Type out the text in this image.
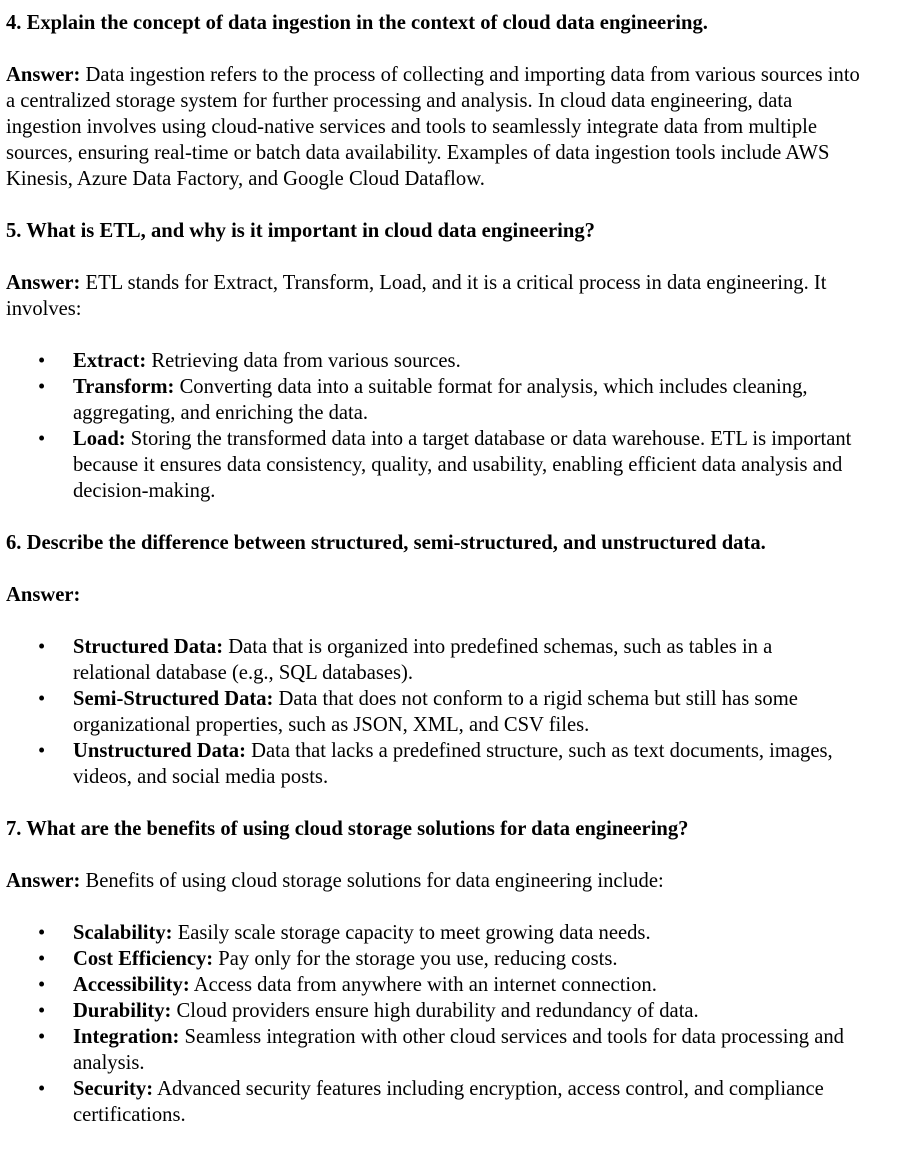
4. Explain the concept of data ingestion in the context of cloud data engineering.

Answer: Data ingestion refers to the process of collecting and importing data from various sources into a centralized storage system for further processing and analysis. In cloud data engineering, data ingestion involves using cloud-native services and tools to seamlessly integrate data from multiple sources, ensuring real-time or batch data availability. Examples of data ingestion tools include AWS Kinesis, Azure Data Factory, and Google Cloud Dataflow.

5. What is ETL, and why is it important in cloud data engineering?

Answer: ETL stands for Extract, Transform, Load, and it is a critical process in data engineering. It involves:

• Extract: Retrieving data from various sources.
• Transform: Converting data into a suitable format for analysis, which includes cleaning, aggregating, and enriching the data.
• Load: Storing the transformed data into a target database or data warehouse. ETL is important because it ensures data consistency, quality, and usability, enabling efficient data analysis and decision-making.

6. Describe the difference between structured, semi-structured, and unstructured data.

Answer:

• Structured Data: Data that is organized into predefined schemas, such as tables in a relational database (e.g., SQL databases).
• Semi-Structured Data: Data that does not conform to a rigid schema but still has some organizational properties, such as JSON, XML, and CSV files.
• Unstructured Data: Data that lacks a predefined structure, such as text documents, images, videos, and social media posts.

7. What are the benefits of using cloud storage solutions for data engineering?

Answer: Benefits of using cloud storage solutions for data engineering include:

• Scalability: Easily scale storage capacity to meet growing data needs.
• Cost Efficiency: Pay only for the storage you use, reducing costs.
• Accessibility: Access data from anywhere with an internet connection.
• Durability: Cloud providers ensure high durability and redundancy of data.
• Integration: Seamless integration with other cloud services and tools for data processing and analysis.
• Security: Advanced security features including encryption, access control, and compliance certifications.
